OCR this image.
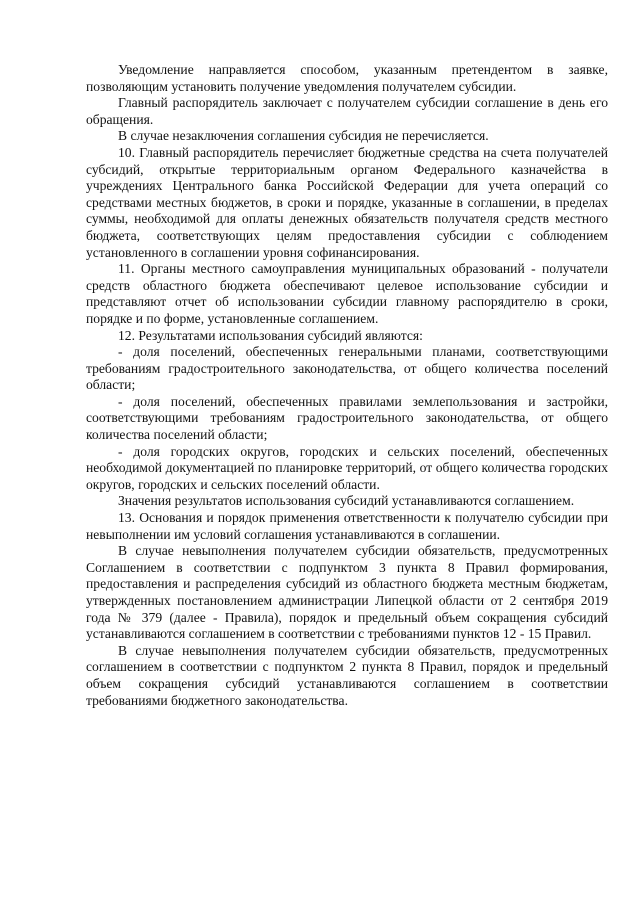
Уведомление направляется способом, указанным претендентом в заявке, позволяющим установить получение уведомления получателем субсидии.

Главный распорядитель заключает с получателем субсидии соглашение в день его обращения.

В случае незаключения соглашения субсидия не перечисляется.

10. Главный распорядитель перечисляет бюджетные средства на счета получателей субсидий, открытые территориальным органом Федерального казначейства в учреждениях Центрального банка Российской Федерации для учета операций со средствами местных бюджетов, в сроки и порядке, указанные в соглашении, в пределах суммы, необходимой для оплаты денежных обязательств получателя средств местного бюджета, соответствующих целям предоставления субсидии с соблюдением установленного в соглашении уровня софинансирования.

11. Органы местного самоуправления муниципальных образований - получатели средств областного бюджета обеспечивают целевое использование субсидии и представляют отчет об использовании субсидии главному распорядителю в сроки, порядке и по форме, установленные соглашением.

12. Результатами использования субсидий являются:

- доля поселений, обеспеченных генеральными планами, соответствующими требованиям градостроительного законодательства, от общего количества поселений области;

- доля поселений, обеспеченных правилами землепользования и застройки, соответствующими требованиям градостроительного законодательства, от общего количества поселений области;

- доля городских округов, городских и сельских поселений, обеспеченных необходимой документацией по планировке территорий, от общего количества городских округов, городских и сельских поселений области.

Значения результатов использования субсидий устанавливаются соглашением.

13. Основания и порядок применения ответственности к получателю субсидии при невыполнении им условий соглашения устанавливаются в соглашении.

В случае невыполнения получателем субсидии обязательств, предусмотренных Соглашением в соответствии с подпунктом 3 пункта 8 Правил формирования, предоставления и распределения субсидий из областного бюджета местным бюджетам, утвержденных постановлением администрации Липецкой области от 2 сентября 2019 года № 379 (далее - Правила), порядок и предельный объем сокращения субсидий устанавливаются соглашением в соответствии с требованиями пунктов 12 - 15 Правил.

В случае невыполнения получателем субсидии обязательств, предусмотренных соглашением в соответствии с подпунктом 2 пункта 8 Правил, порядок и предельный объем сокращения субсидий устанавливаются соглашением в соответствии требованиями бюджетного законодательства.
